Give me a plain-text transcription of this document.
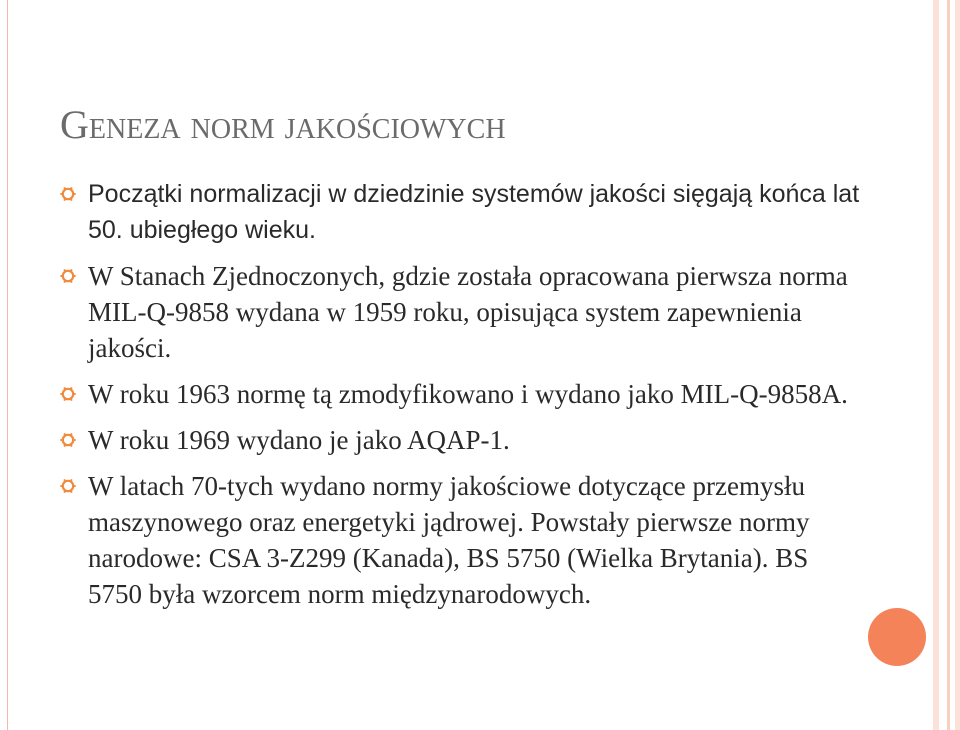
Geneza norm jakościowych
Początki normalizacji w dziedzinie systemów jakości sięgają końca lat 50. ubiegłego wieku.
W Stanach Zjednoczonych, gdzie została opracowana pierwsza norma MIL-Q-9858 wydana w 1959 roku, opisująca system zapewnienia jakości.
W roku 1963 normę tą zmodyfikowano i wydano jako MIL-Q-9858A.
W roku 1969 wydano je jako AQAP-1.
W latach 70-tych wydano normy jakościowe dotyczące przemysłu maszynowego oraz energetyki jądrowej. Powstały pierwsze normy narodowe: CSA 3-Z299 (Kanada), BS 5750 (Wielka Brytania). BS 5750 była wzorcem norm międzynarodowych.
